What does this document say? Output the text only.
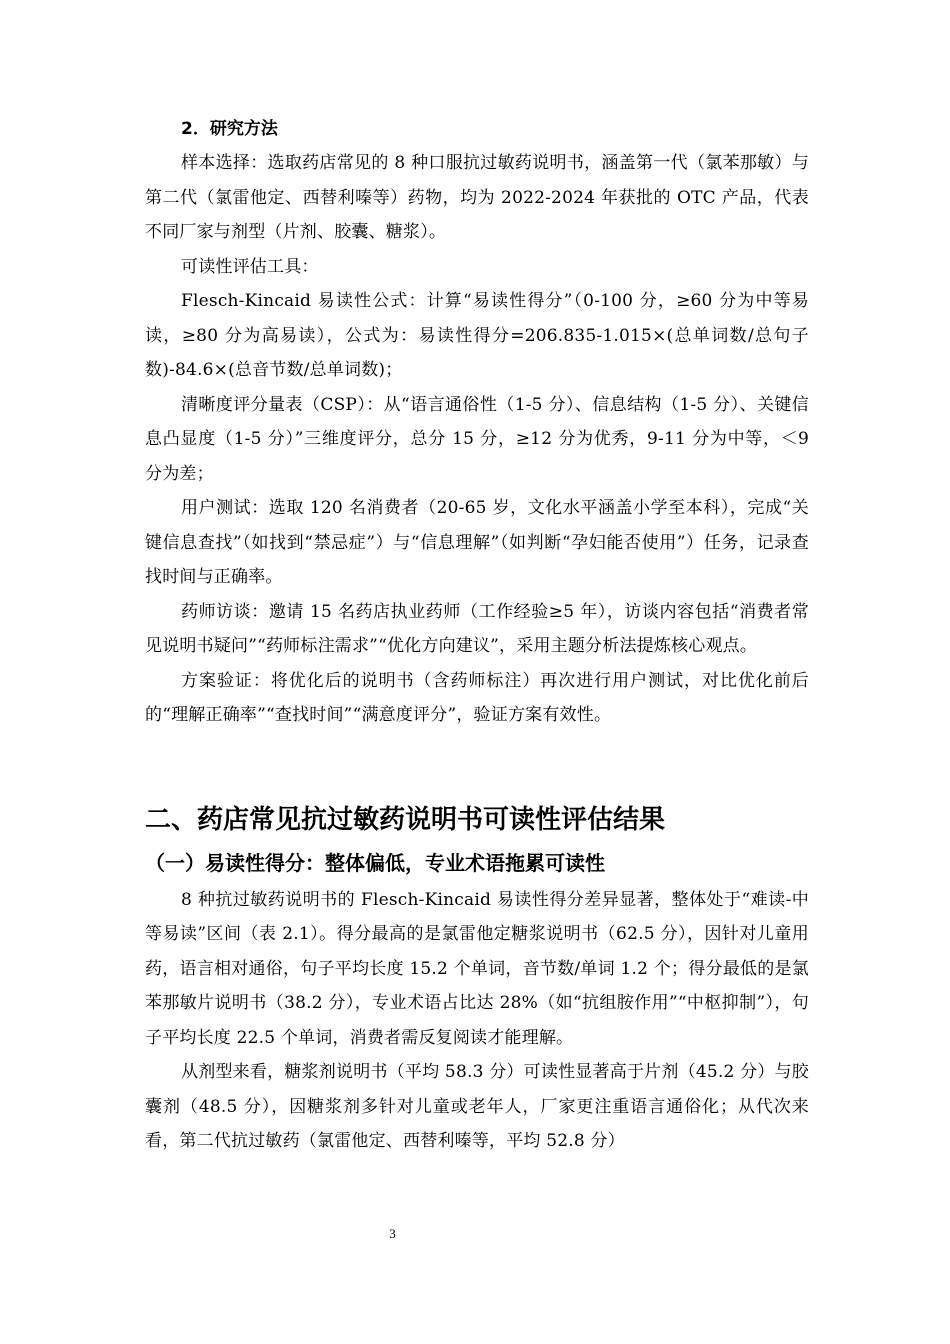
2．研究方法

样本选择：选取药店常见的 8 种口服抗过敏药说明书，涵盖第一代（氯苯那敏）与第二代（氯雷他定、西替利嗪等）药物，均为 2022-2024 年获批的 OTC 产品，代表不同厂家与剂型（片剂、胶囊、糖浆）。

可读性评估工具：

Flesch-Kincaid 易读性公式：计算“易读性得分”（0-100 分，≥60 分为中等易读，≥80 分为高易读），公式为：易读性得分=206.835-1.015×(总单词数/总句子数)-84.6×(总音节数/总单词数)；

清晰度评分量表（CSP）：从“语言通俗性（1-5 分）、信息结构（1-5 分）、关键信息凸显度（1-5 分）”三维度评分，总分 15 分，≥12 分为优秀，9-11 分为中等，＜9 分为差；

用户测试：选取 120 名消费者（20-65 岁，文化水平涵盖小学至本科），完成“关键信息查找”（如找到“禁忌症”）与“信息理解”（如判断“孕妇能否使用”）任务，记录查找时间与正确率。

药师访谈：邀请 15 名药店执业药师（工作经验≥5 年），访谈内容包括“消费者常见说明书疑问”“药师标注需求”“优化方向建议”，采用主题分析法提炼核心观点。

方案验证：将优化后的说明书（含药师标注）再次进行用户测试，对比优化前后的“理解正确率”“查找时间”“满意度评分”，验证方案有效性。

二、药店常见抗过敏药说明书可读性评估结果
（一）易读性得分：整体偏低，专业术语拖累可读性

8 种抗过敏药说明书的 Flesch-Kincaid 易读性得分差异显著，整体处于“难读-中等易读”区间（表 2.1）。得分最高的是氯雷他定糖浆说明书（62.5 分），因针对儿童用药，语言相对通俗，句子平均长度 15.2 个单词，音节数/单词 1.2 个；得分最低的是氯苯那敏片说明书（38.2 分），专业术语占比达 28%（如“抗组胺作用”“中枢抑制”），句子平均长度 22.5 个单词，消费者需反复阅读才能理解。

从剂型来看，糖浆剂说明书（平均 58.3 分）可读性显著高于片剂（45.2 分）与胶囊剂（48.5 分），因糖浆剂多针对儿童或老年人，厂家更注重语言通俗化；从代次来看，第二代抗过敏药（氯雷他定、西替利嗪等，平均 52.8 分）

3
